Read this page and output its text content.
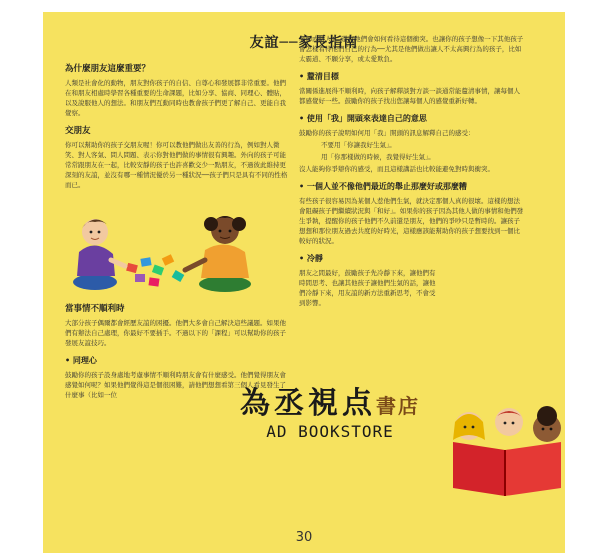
友誼──家長指南
為什麼朋友這麼重要？
人類是社會化的動物，朋友對你孩子的自信、自尊心和發展都非常重要。他們在和朋友相處時學習各種重要的生命課題，比如分享、協商、同理心、體貼，以及說服他人的想法。和朋友們互動同時也教會孩子們更了解自己、更能自我覺察。
交朋友
你可以幫助你的孩子交朋友喔！你可以教他們做出友善的行為，例如對人微笑、對人客氣、問人問題、表示你對他們做的事情很有興趣。外向的孩子可能常常跟朋友在一起，比較安靜的孩子也許喜歡交少一點朋友，不過彼此維持更深刻的友誼，並沒有哪一種情況優於另一種狀況──孩子們只是具有不同的性格而已。
當事情不順利時
大部分孩子偶爾都會經歷友誼的困擾。他們大多會自己解決這些議題。如果他們有辦法自己處理，你最好不要插手。不過以下的「課程」可以幫助你的孩子發展友誼技巧。
• 同理心
鼓勵你的孩子設身處地考慮事情不順利時朋友會有什麼感受。他們覺得朋友會感覺如何呢？如果他們覺得這是個很困難，請他們想想看第三個人看見發生了什麼事（比如一位
老師或路人），還有他們會如何看待這個衝突。也讓你的孩子想像一下其他孩子會怎樣看待他們自己的行為──尤其是他們做出讓人不太高興行為的孩子，比如太霸道、不願分享，或太愛欺負。
• 釐清目標
當關係進展得不順利時，向孩子解釋談對方談一談通常能釐清事情，讓每個人都感覺好一些。鼓勵你的孩子找出您讓每個人的感覺重新好轉。
• 使用「我」開頭來表達自己的意思
鼓勵你的孩子說明如何用「我」開頭的訊息解釋自己的感受：
不要用「你讓我好生氣」。
用「你那樣做的時候，我覺得好生氣」。
沒人能夠你爭辯你的感受，而且這樣講話也比較能避免對時與衝突。
• 一個人並不像他們最近的舉止那麼好或那麼糟
有些孩子很容易因為某個人惹他們生氣，就決定那個人真的很壞。這樣的想法會阻礙孩子們繼續狀況與「和好」。如果你的孩子因為其他人做的事情和他們發生爭執，提醒你的孩子他們不久前還是朋友，他們的爭吵只是暫時的。讓孩子想想和那位朋友過去共度的好時光，這樣應該能幫助你的孩子想要找到一個比較好的狀況。
• 冷靜
朋友之間最好，鼓勵孩子先冷靜下來，讓他們有時間思考、也讓其他孩子讓他們生氣的話，讓他們冷靜下來，用友誼的新方法重新思考，不會受到影響。
30
為丞視点書店
AD BOOKSTORE
